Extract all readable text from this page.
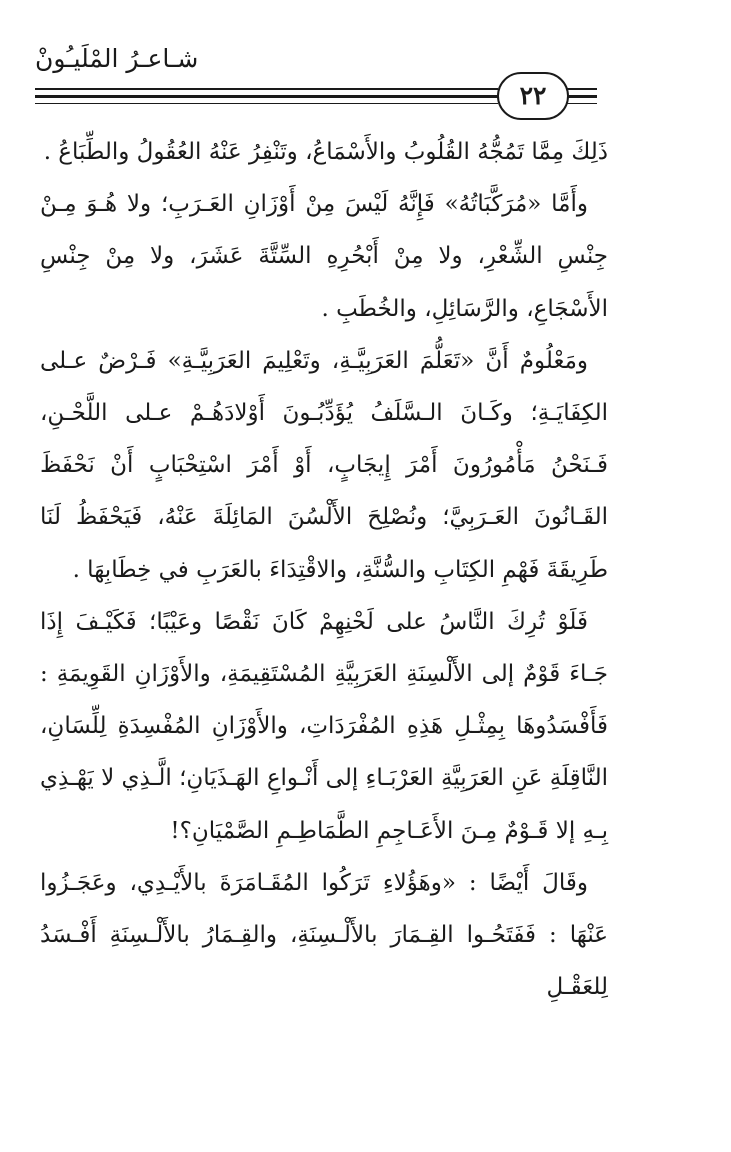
شـاعـرُ المْلَيـُونْ
٢٢

ذَلِكَ مِمَّا تَمُجُّهُ القُلُوبُ والأَسْمَاعُ، وتَنْفِرُ عَنْهُ العُقُولُ والطِّبَاعُ .

وأَمَّا «مُرَكَّبَاتُهُ» فَإِنَّهُ لَيْسَ مِنْ أَوْزَانِ العَـرَبِ؛ ولا هُـوَ مِـنْ جِنْسِ الشِّعْرِ، ولا مِنْ أَبْحُرِهِ السِّتَّةَ عَشَرَ، ولا مِنْ جِنْسِ الأَسْجَاعِ، والرَّسَائِلِ، والخُطَبِ .

ومَعْلُومٌ أَنَّ «تَعَلُّمَ العَرَبِيَّـةِ، وتَعْلِيمَ العَرَبِيَّـةِ» فَـرْضٌ عـلى الكِفَايَـةِ؛ وكَـانَ الـسَّلَفُ يُؤَدِّبُـونَ أَوْلادَهُـمْ عـلى اللَّحْـنِ، فَـنَحْنُ مَأْمُورُونَ أَمْرَ إِيجَابٍ، أَوْ أَمْرَ اسْتِحْبَابٍ أَنْ نَحْفَظَ القَـانُونَ العَـرَبِيَّ؛ ونُصْلِحَ الأَلْسُنَ المَائِلَةَ عَنْهُ، فَيَحْفَظُ لَنَا طَرِيقَةَ فَهْمِ الكِتَابِ والسُّنَّةِ، والاقْتِدَاءَ بالعَرَبِ في خِطَابِهَا .

فَلَوْ تُرِكَ النَّاسُ على لَحْنِهِمْ كَانَ نَقْصًا وعَيْبًا؛ فَكَيْـفَ إِذَا جَـاءَ قَوْمٌ إلى الأَلْسِنَةِ العَرَبِيَّةِ المُسْتَقِيمَةِ، والأَوْزَانِ القَوِيمَةِ : فَأَفْسَدُوهَا بِمِثْـلِ هَذِهِ المُفْرَدَاتِ، والأَوْزَانِ المُفْسِدَةِ لِلِّسَانِ، النَّاقِلَةِ عَنِ العَرَبِيَّةِ العَرْبَـاءِ إلى أَنْـواعِ الهَـذَيَانِ؛ الَّـذِي لا يَهْـذِي بِـهِ إلا قَـوْمٌ مِـنَ الأَعَـاجِمِ الطَّمَاطِـمِ الصَّمْيَانِ؟!

وقَالَ أَيْضًا : «وهَؤُلاءِ تَرَكُوا المُقَـامَرَةَ بالأَيْـدِي، وعَجَـزُوا عَنْهَا : فَفَتَحُـوا القِـمَارَ بالأَلْـسِنَةِ، والقِـمَارُ بالأَلْـسِنَةِ أَفْـسَدُ لِلعَقْـلِ
